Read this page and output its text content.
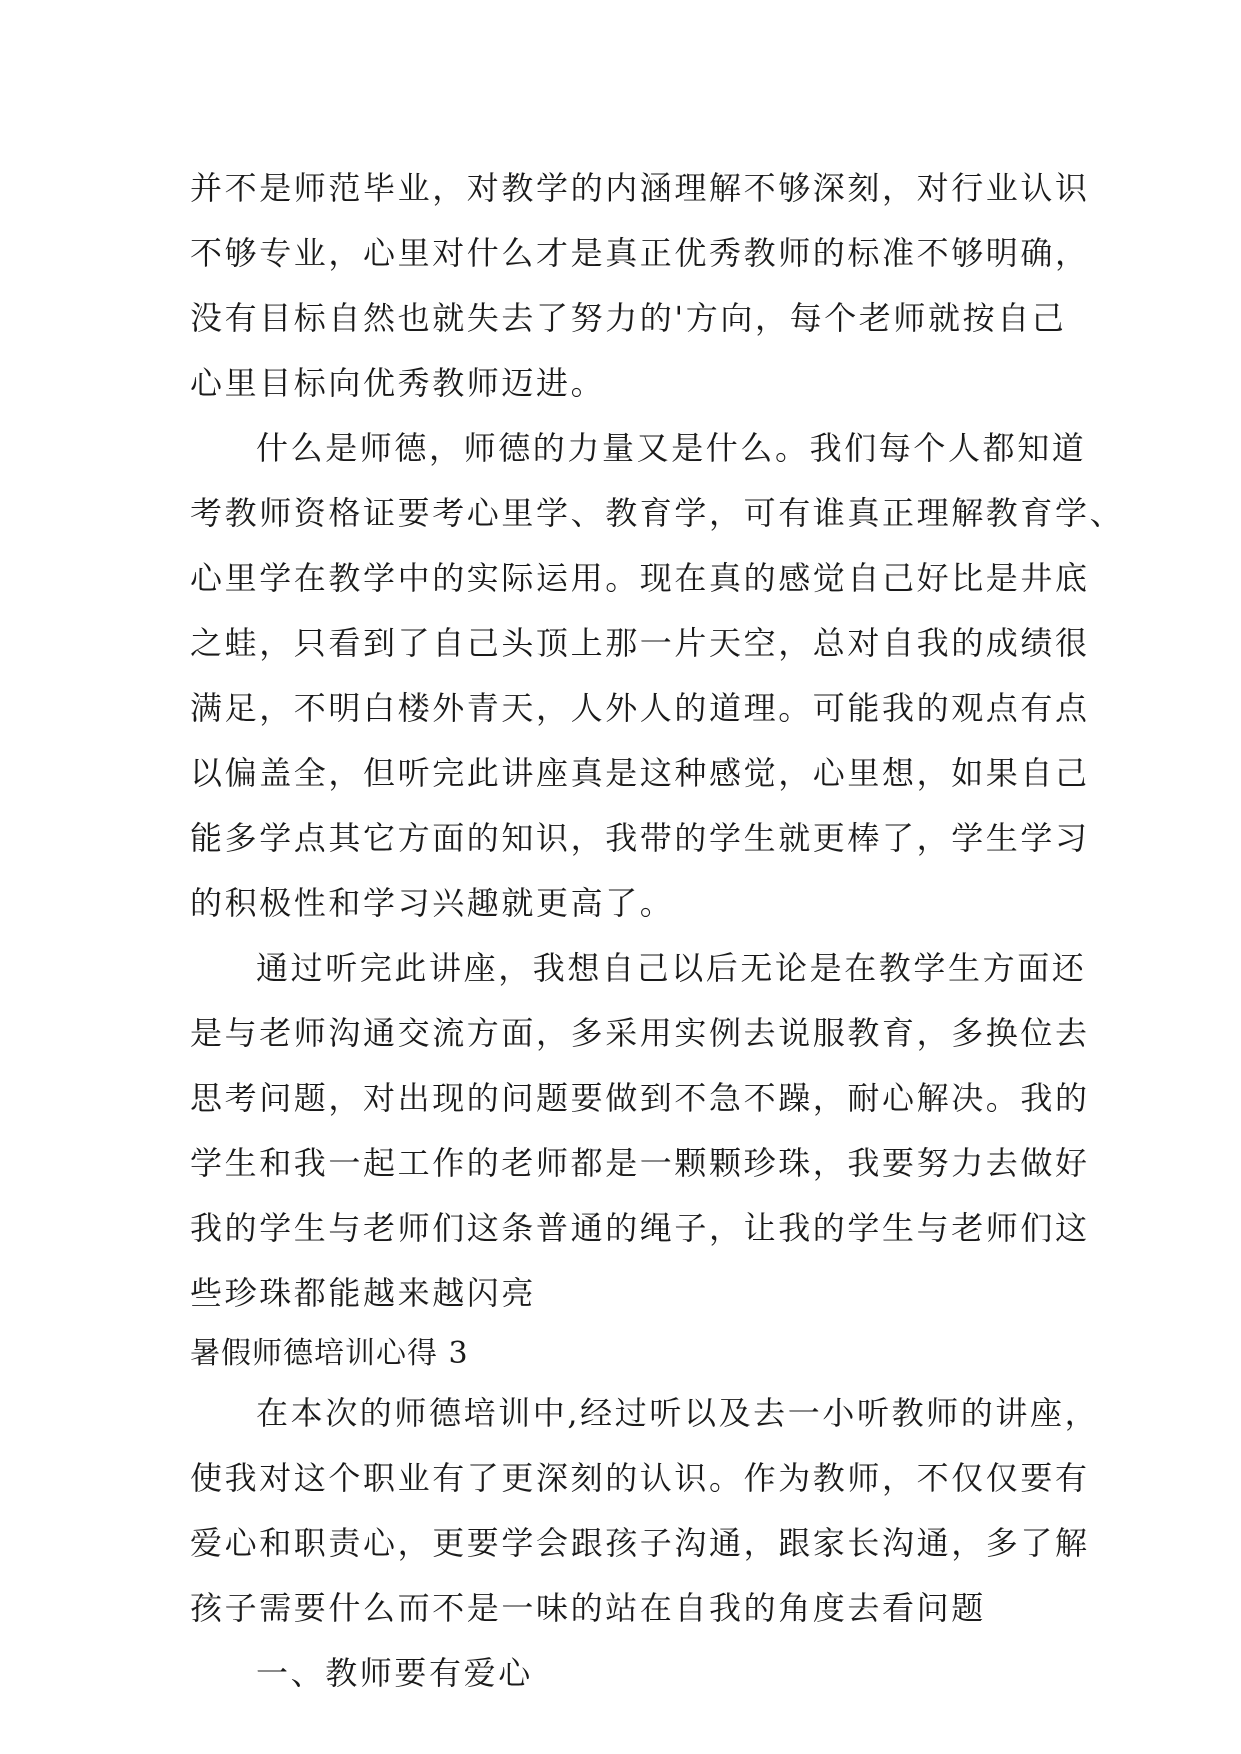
并不是师范毕业，对教学的内涵理解不够深刻，对行业认识
不够专业，心里对什么才是真正优秀教师的标准不够明确，
没有目标自然也就失去了努力的'方向，每个老师就按自己
心里目标向优秀教师迈进。
什么是师德，师德的力量又是什么。我们每个人都知道
考教师资格证要考心里学、教育学，可有谁真正理解教育学、
心里学在教学中的实际运用。现在真的感觉自己好比是井底
之蛙，只看到了自己头顶上那一片天空，总对自我的成绩很
满足，不明白楼外青天，人外人的道理。可能我的观点有点
以偏盖全，但听完此讲座真是这种感觉，心里想，如果自己
能多学点其它方面的知识，我带的学生就更棒了，学生学习
的积极性和学习兴趣就更高了。
通过听完此讲座，我想自己以后无论是在教学生方面还
是与老师沟通交流方面，多采用实例去说服教育，多换位去
思考问题，对出现的问题要做到不急不躁，耐心解决。我的
学生和我一起工作的老师都是一颗颗珍珠，我要努力去做好
我的学生与老师们这条普通的绳子，让我的学生与老师们这
些珍珠都能越来越闪亮
暑假师德培训心得 3
在本次的师德培训中,经过听以及去一小听教师的讲座，
使我对这个职业有了更深刻的认识。作为教师，不仅仅要有
爱心和职责心，更要学会跟孩子沟通，跟家长沟通，多了解
孩子需要什么而不是一味的站在自我的角度去看问题
一、教师要有爱心
